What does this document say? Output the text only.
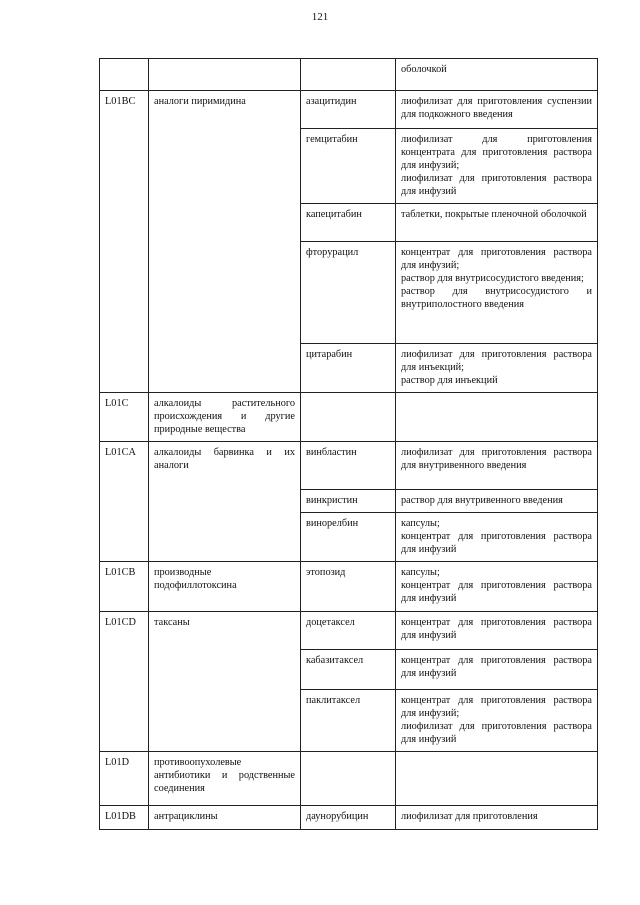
121

			оболочкой

L01BC	аналоги пиримидина	азацитидин	лиофилизат для приготовления суспензии для подкожного введения

		гемцитабин	лиофилизат для приготовления концентрата для приготовления раствора для инфузий;
лиофилизат для приготовления раствора для инфузий

		капецитабин	таблетки, покрытые пленочной оболочкой

		фторурацил	концентрат для приготовления раствора для инфузий;
раствор для внутрисосудистого введения;
раствор для внутрисосудистого и внутриполостного введения

		цитарабин	лиофилизат для приготовления раствора для инъекций;
раствор для инъекций

L01C	алкалоиды растительного происхождения и другие природные вещества		
L01CA	алкалоиды барвинка и их аналоги	винбластин	лиофилизат для приготовления раствора для внутривенного введения

		винкристин	раствор для внутривенного введения

		винорелбин	капсулы;
концентрат для приготовления раствора для инфузий

L01CB	производные подофиллотоксина	этопозид	капсулы;
концентрат для приготовления раствора для инфузий

L01CD	таксаны	доцетаксел	концентрат для приготовления раствора для инфузий

		кабазитаксел	концентрат для приготовления раствора для инфузий

		паклитаксел	концентрат для приготовления раствора для инфузий;
лиофилизат для приготовления раствора для инфузий

L01D	противоопухолевые антибиотики и родственные соединения		
L01DB	антрациклины	даунорубицин	лиофилизат для приготовления
